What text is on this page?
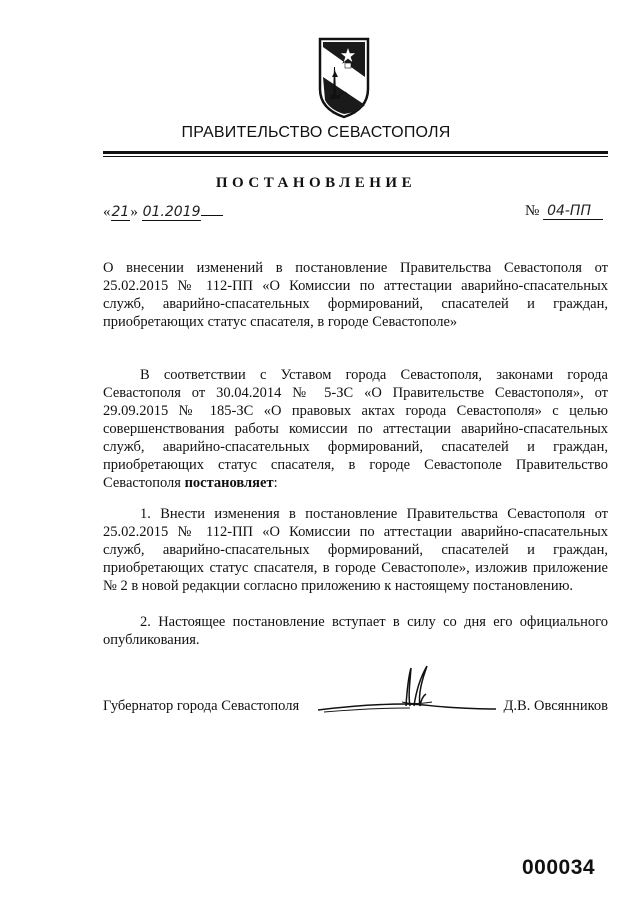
ПРАВИТЕЛЬСТВО СЕВАСТОПОЛЯ
ПОСТАНОВЛЕНИЕ
«21» 01.2019	№ 04-ПП
О внесении изменений в постановление Правительства Севастополя от 25.02.2015 № 112-ПП «О Комиссии по аттестации аварийно-спасательных служб, аварийно-спасательных формирований, спасателей и граждан, приобретающих статус спасателя, в городе Севастополе»
В соответствии с Уставом города Севастополя, законами города Севастополя от 30.04.2014 № 5-ЗС «О Правительстве Севастополя», от 29.09.2015 № 185-ЗС «О правовых актах города Севастополя» с целью совершенствования работы комиссии по аттестации аварийно-спасательных служб, аварийно-спасательных формирований, спасателей и граждан, приобретающих статус спасателя, в городе Севастополе Правительство Севастополя постановляет:
1. Внести изменения в постановление Правительства Севастополя от 25.02.2015 № 112-ПП «О Комиссии по аттестации аварийно-спасательных служб, аварийно-спасательных формирований, спасателей и граждан, приобретающих статус спасателя, в городе Севастополе», изложив приложение № 2 в новой редакции согласно приложению к настоящему постановлению.
2. Настоящее постановление вступает в силу со дня его официального опубликования.
Губернатор города Севастополя	Д.В. Овсянников
000034
